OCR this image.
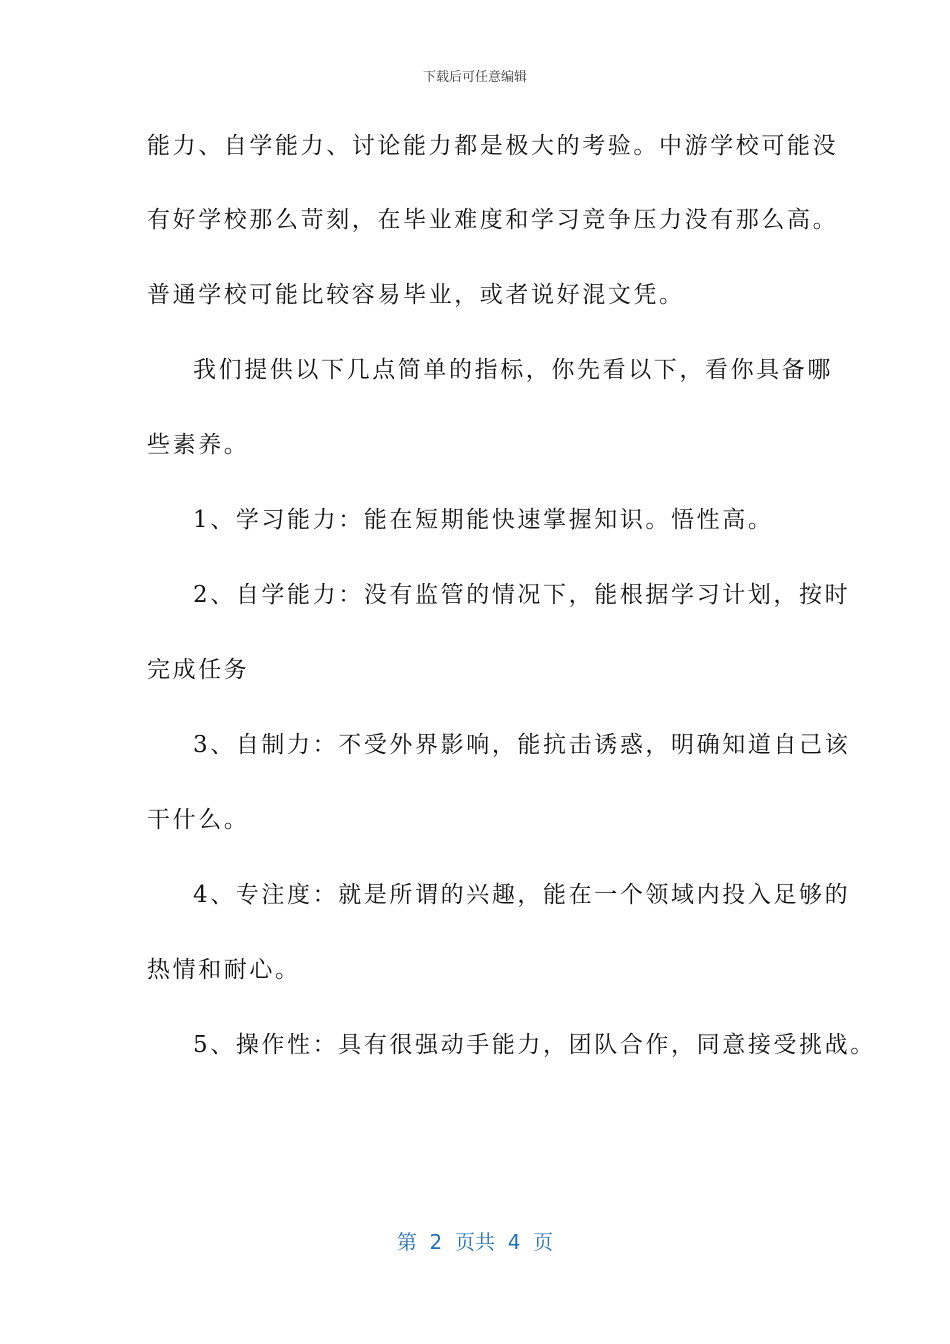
下载后可任意编辑
能力、自学能力、讨论能力都是极大的考验。中游学校可能没
有好学校那么苛刻，在毕业难度和学习竞争压力没有那么高。
普通学校可能比较容易毕业，或者说好混文凭。
我们提供以下几点简单的指标，你先看以下，看你具备哪
些素养。
1、学习能力：能在短期能快速掌握知识。悟性高。
2、自学能力：没有监管的情况下，能根据学习计划，按时
完成任务
3、自制力：不受外界影响，能抗击诱惑，明确知道自己该
干什么。
4、专注度：就是所谓的兴趣，能在一个领域内投入足够的
热情和耐心。
5、操作性：具有很强动手能力，团队合作，同意接受挑战。
第  2  页共  4  页
